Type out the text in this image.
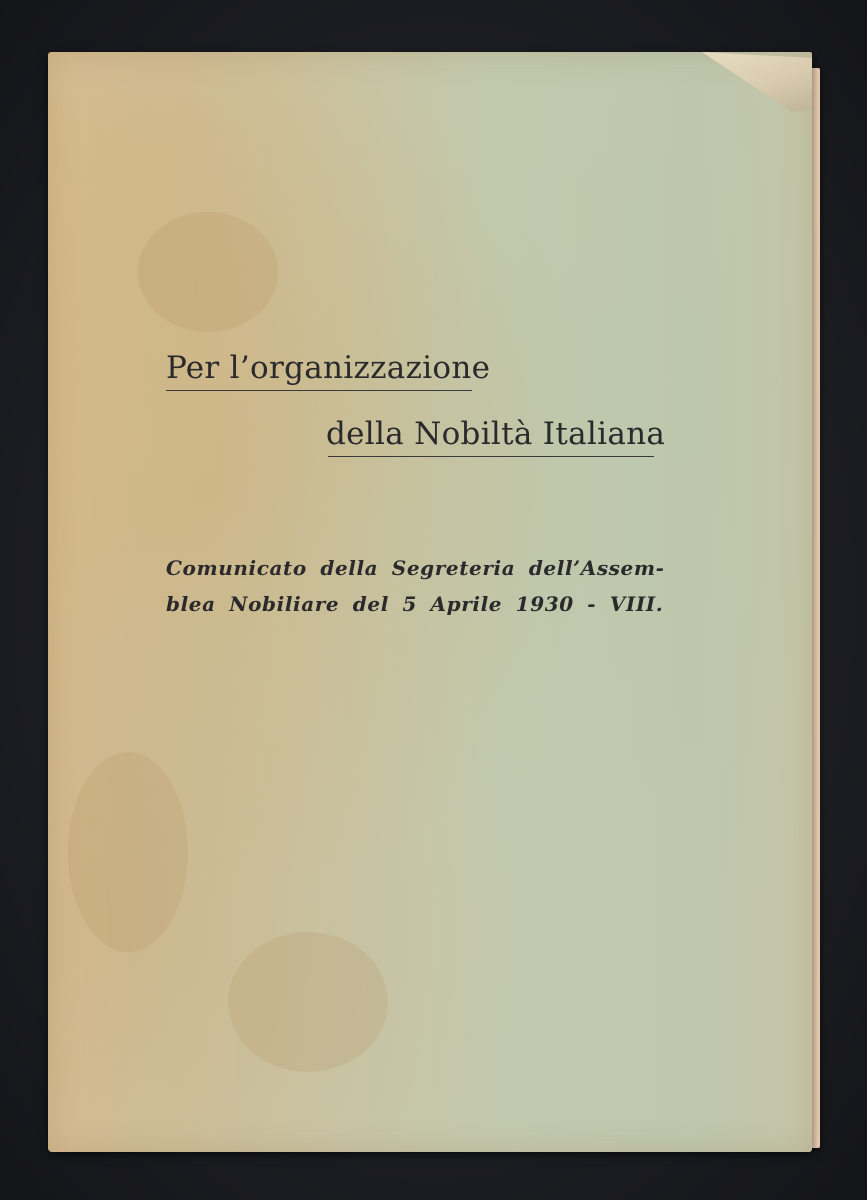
Per l’organizzazione
della Nobiltà Italiana
Comunicato della Segreteria dell’Assem-
blea Nobiliare del 5 Aprile 1930 - VIII.
